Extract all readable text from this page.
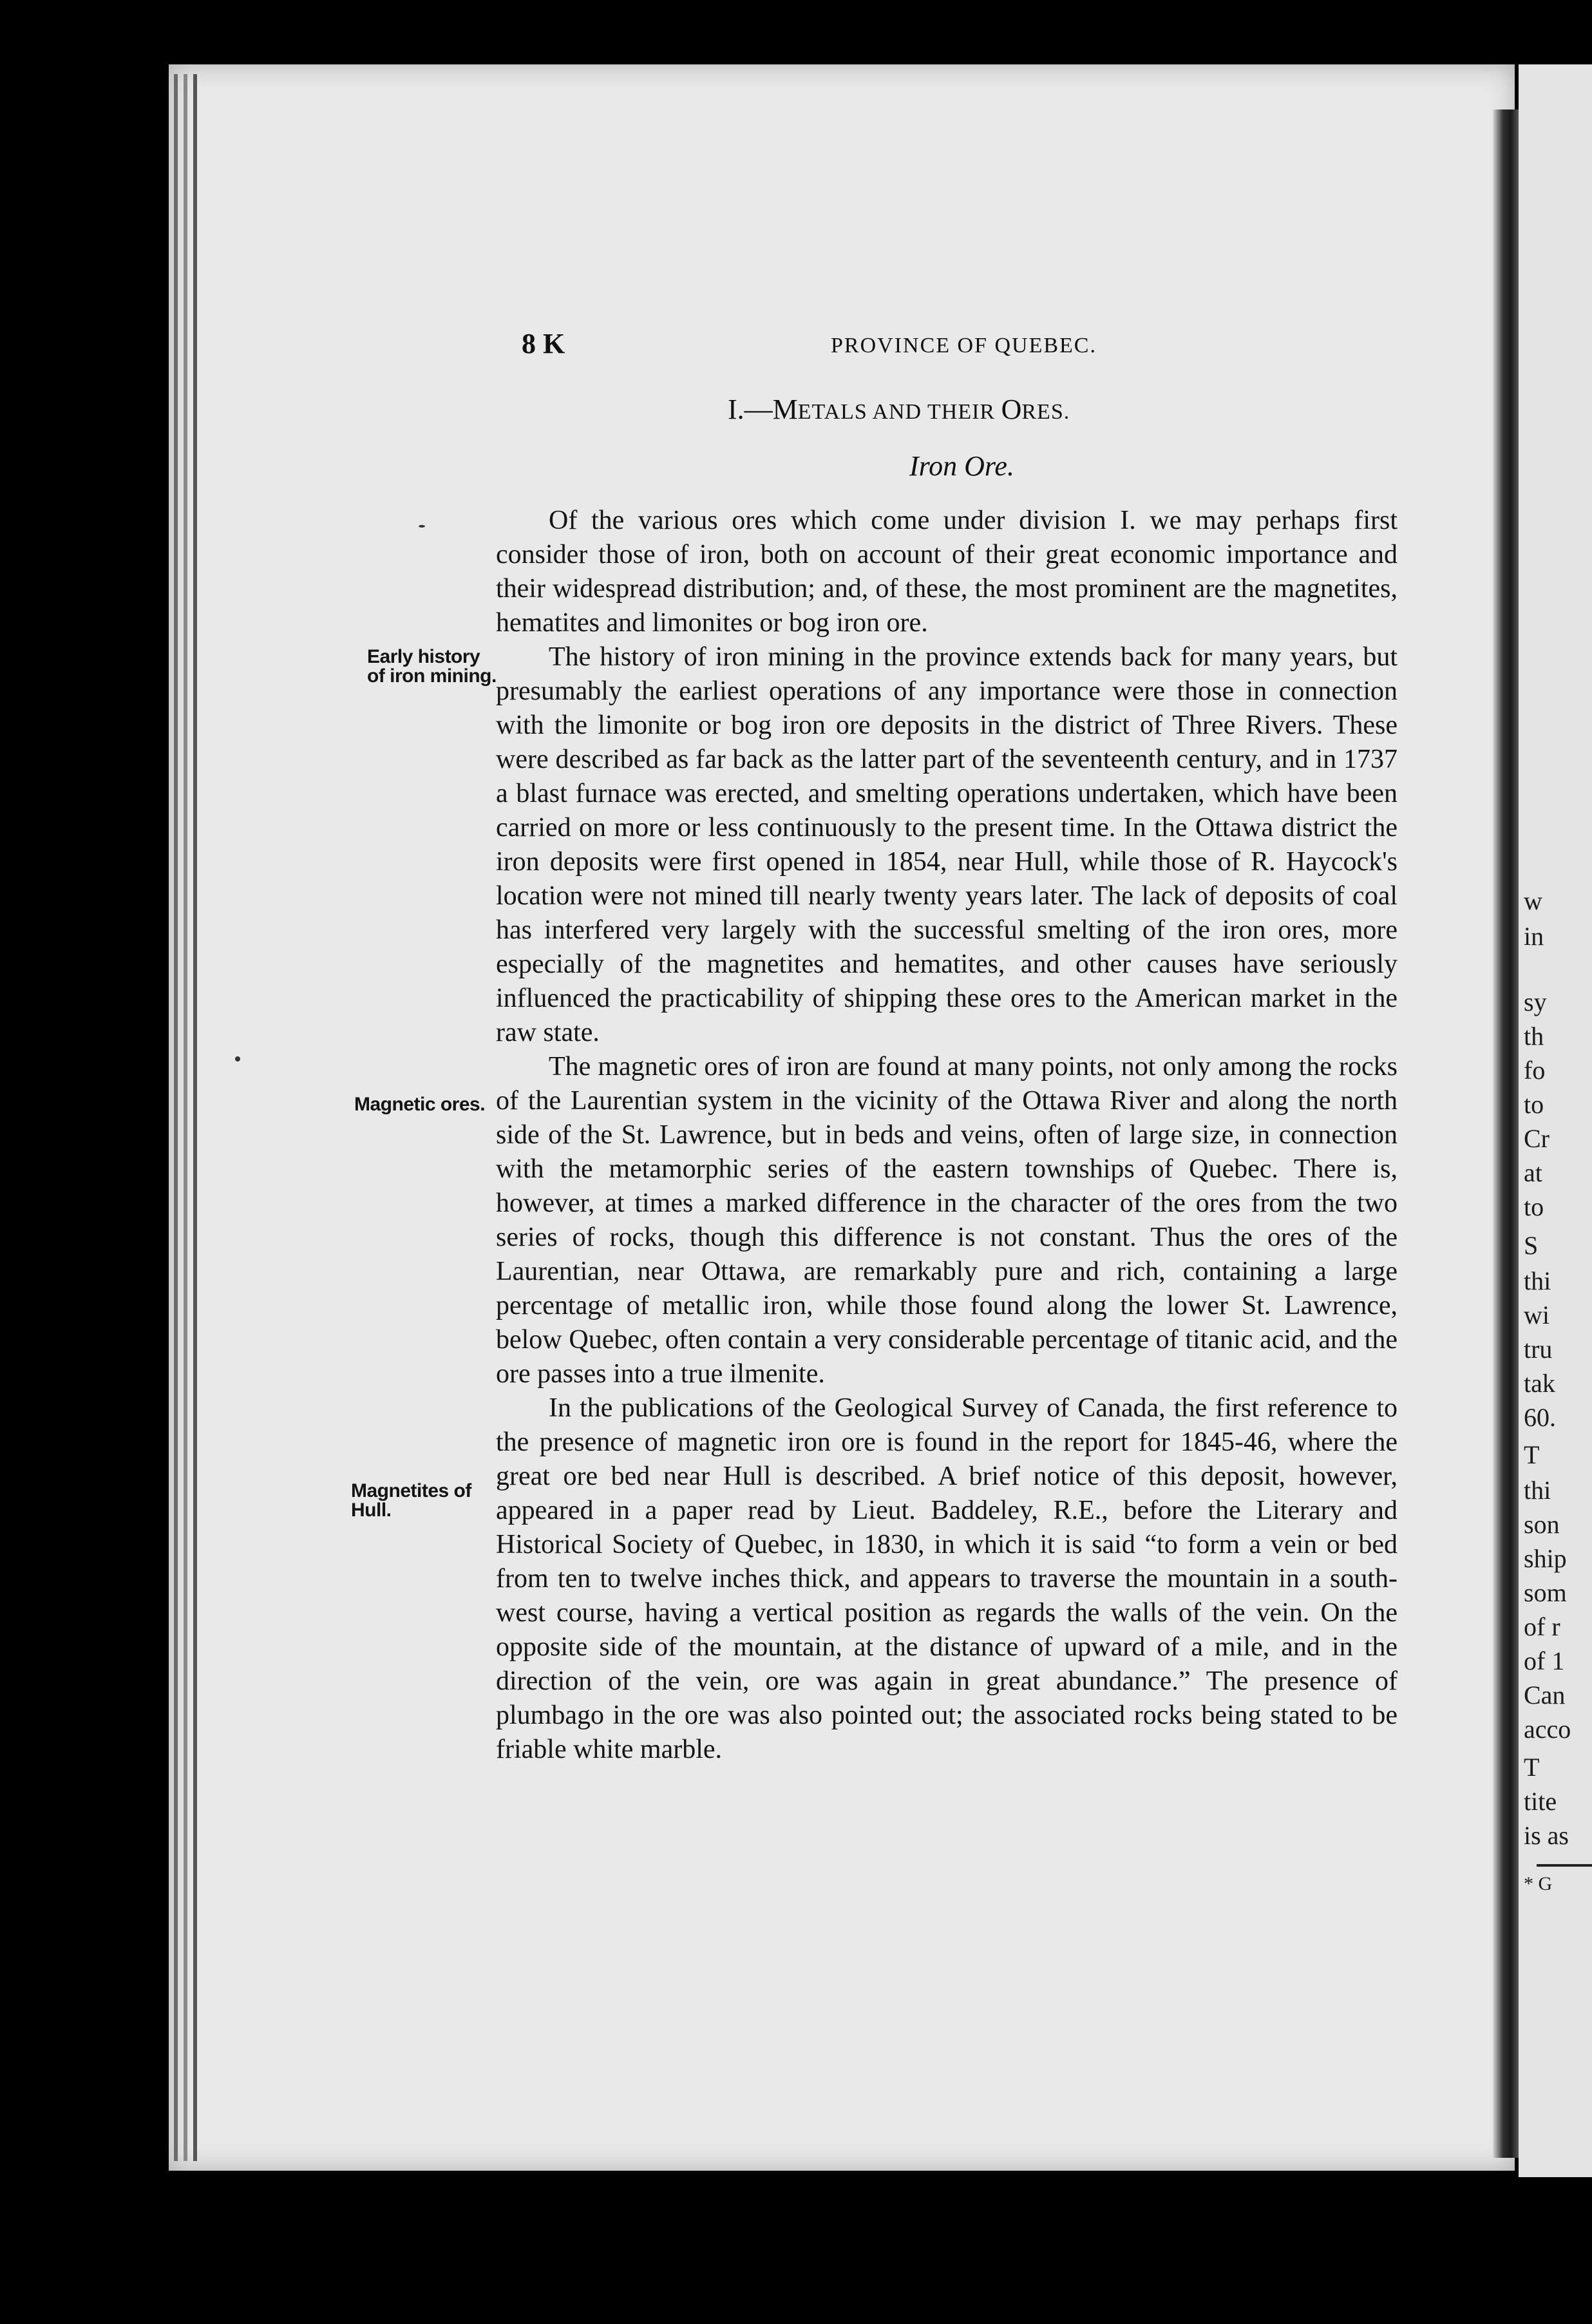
w
in
sy
th
fo
to
Cr
at
to
S
thi
wi
tru
tak
60.
T
thi
son
ship
som
of r
of 1
Can
acco
T
tite
is as
* G
8 K	PROVINCE OF QUEBEC.
I.—METALS AND THEIR ORES.
Iron Ore.
Early history
of iron mining.
Magnetic ores.
Magnetites of
Hull.

Of the various ores which come under division I. we may perhaps first consider those of iron, both on account of their great economic importance and their widespread distribution; and, of these, the most prominent are the magnetites, hematites and limonites or bog iron ore.

The history of iron mining in the province extends back for many years, but presumably the earliest operations of any importance were those in connection with the limonite or bog iron ore deposits in the district of Three Rivers. These were described as far back as the latter part of the seventeenth century, and in 1737 a blast furnace was erected, and smelting operations undertaken, which have been carried on more or less continuously to the present time. In the Ottawa district the iron deposits were first opened in 1854, near Hull, while those of R. Haycock's location were not mined till nearly twenty years later. The lack of deposits of coal has interfered very largely with the successful smelting of the iron ores, more especially of the magnetites and hematites, and other causes have seriously influenced the practicability of shipping these ores to the American market in the raw state.

The magnetic ores of iron are found at many points, not only among the rocks of the Laurentian system in the vicinity of the Ottawa River and along the north side of the St. Lawrence, but in beds and veins, often of large size, in connection with the metamorphic series of the eastern townships of Quebec. There is, however, at times a marked difference in the character of the ores from the two series of rocks, though this difference is not constant. Thus the ores of the Laurentian, near Ottawa, are remarkably pure and rich, containing a large percentage of metallic iron, while those found along the lower St. Lawrence, below Quebec, often contain a very considerable percentage of titanic acid, and the ore passes into a true ilmenite.

In the publications of the Geological Survey of Canada, the first reference to the presence of magnetic iron ore is found in the report for 1845-46, where the great ore bed near Hull is described. A brief notice of this deposit, however, appeared in a paper read by Lieut. Baddeley, R.E., before the Literary and Historical Society of Quebec, in 1830, in which it is said “to form a vein or bed from ten to twelve inches thick, and appears to traverse the mountain in a south-west course, having a vertical position as regards the walls of the vein. On the opposite side of the mountain, at the distance of upward of a mile, and in the direction of the vein, ore was again in great abundance.” The presence of plumbago in the ore was also pointed out; the associated rocks being stated to be friable white marble.
